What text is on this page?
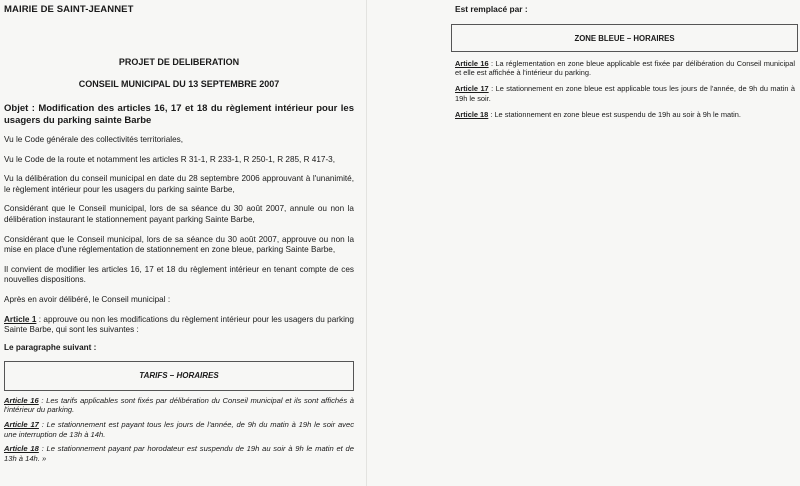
MAIRIE DE SAINT-JEANNET
PROJET DE DELIBERATION
CONSEIL MUNICIPAL DU 13 SEPTEMBRE 2007
Objet : Modification des articles 16, 17 et 18 du règlement intérieur pour les usagers du parking sainte Barbe

Vu le Code générale des collectivités territoriales,

Vu le Code de la route et notamment les articles R 31-1, R 233-1, R 250-1, R 285, R 417-3,

Vu la délibération du conseil municipal en date du 28 septembre 2006 approuvant à l'unanimité, le règlement intérieur pour les usagers du parking sainte Barbe,

Considérant que le Conseil municipal, lors de sa séance du 30 août 2007, annule ou non la délibération instaurant le stationnement payant parking Sainte Barbe,

Considérant que le Conseil municipal, lors de sa séance du 30 août 2007, approuve ou non la mise en place d'une réglementation de stationnement en zone bleue, parking Sainte Barbe,

Il convient de modifier les articles 16, 17 et 18 du règlement intérieur en tenant compte de ces nouvelles dispositions.

Après en avoir délibéré, le Conseil municipal :

Article 1 : approuve ou non les modifications du règlement intérieur pour les usagers du parking Sainte Barbe, qui sont les suivantes :

Le paragraphe suivant :
TARIFS – HORAIRES
Article 16 : Les tarifs applicables sont fixés par délibération du Conseil municipal et ils sont affichés à l'intérieur du parking.
Article 17 : Le stationnement est payant tous les jours de l'année, de 9h du matin à 19h le soir avec une interruption de 13h à 14h.
Article 18 : Le stationnement payant par horodateur est suspendu de 19h au soir à 9h le matin et de 13h à 14h. »
Est remplacé par :
ZONE BLEUE – HORAIRES
Article 16 : La réglementation en zone bleue applicable est fixée par délibération du Conseil municipal et elle est affichée à l'intérieur du parking.
Article 17 : Le stationnement en zone bleue est applicable tous les jours de l'année, de 9h du matin à 19h le soir.
Article 18 : Le stationnement en zone bleue est suspendu de 19h au soir à 9h le matin.
